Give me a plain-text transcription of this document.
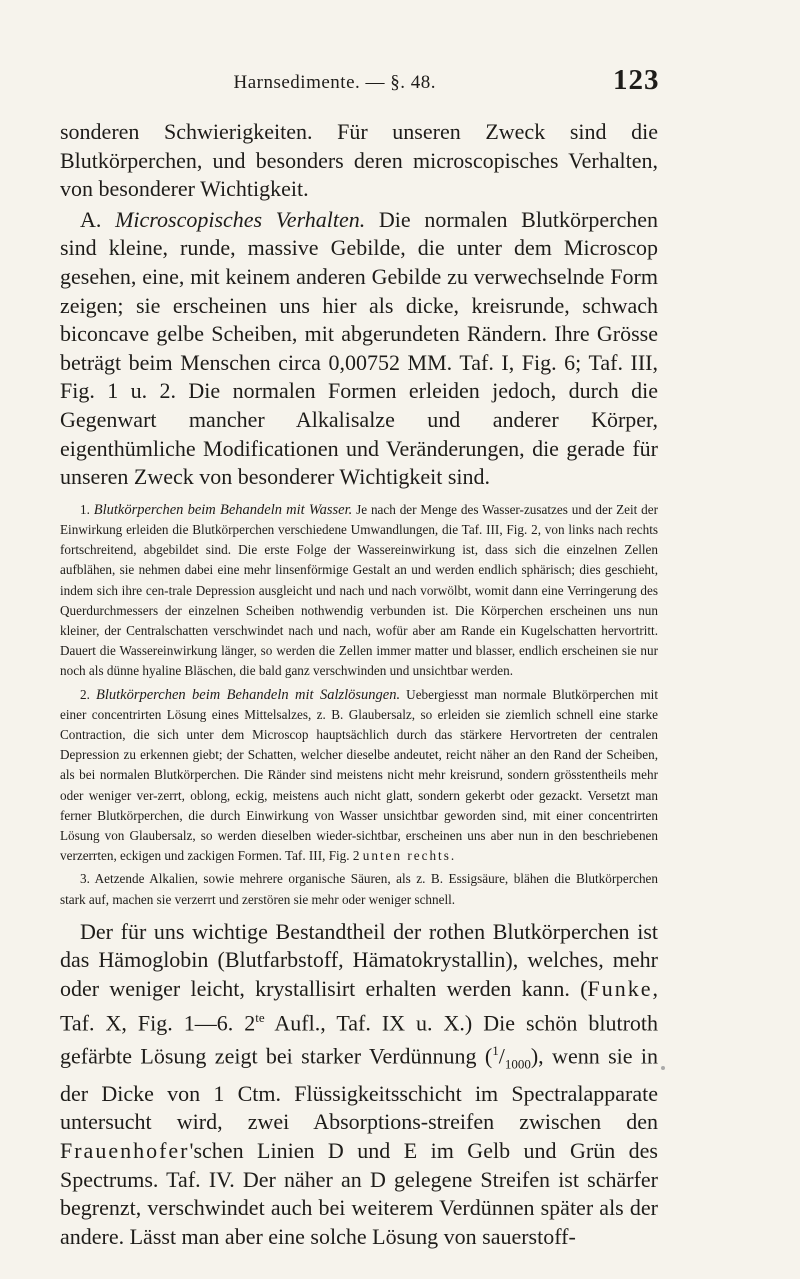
Harnsedimente. — §. 48.	123

sonderen Schwierigkeiten. Für unseren Zweck sind die Blutkörperchen, und besonders deren microscopisches Verhalten, von besonderer Wichtigkeit.

A. Microscopisches Verhalten. Die normalen Blutkörperchen sind kleine, runde, massive Gebilde, die unter dem Microscop gesehen, eine, mit keinem anderen Gebilde zu verwechselnde Form zeigen; sie erscheinen uns hier als dicke, kreisrunde, schwach biconcave gelbe Scheiben, mit abgerundeten Rändern. Ihre Grösse beträgt beim Menschen circa 0,00752 MM. Taf. I, Fig. 6; Taf. III, Fig. 1 u. 2. Die normalen Formen erleiden jedoch, durch die Gegenwart mancher Alkalisalze und anderer Körper, eigenthümliche Modificationen und Veränderungen, die gerade für unseren Zweck von besonderer Wichtigkeit sind.

1. Blutkörperchen beim Behandeln mit Wasser. Je nach der Menge des Wasser-zusatzes und der Zeit der Einwirkung erleiden die Blutkörperchen verschiedene Umwandlungen, die Taf. III, Fig. 2, von links nach rechts fortschreitend, abgebildet sind. Die erste Folge der Wassereinwirkung ist, dass sich die einzelnen Zellen aufblähen, sie nehmen dabei eine mehr linsenförmige Gestalt an und werden endlich sphärisch; dies geschieht, indem sich ihre cen-trale Depression ausgleicht und nach und nach vorwölbt, womit dann eine Verringerung des Querdurchmessers der einzelnen Scheiben nothwendig verbunden ist. Die Körperchen erscheinen uns nun kleiner, der Centralschatten verschwindet nach und nach, wofür aber am Rande ein Kugelschatten hervortritt. Dauert die Wassereinwirkung länger, so werden die Zellen immer matter und blasser, endlich erscheinen sie nur noch als dünne hyaline Bläschen, die bald ganz verschwinden und unsichtbar werden.

2. Blutkörperchen beim Behandeln mit Salzlösungen. Uebergiesst man normale Blutkörperchen mit einer concentrirten Lösung eines Mittelsalzes, z. B. Glaubersalz, so erleiden sie ziemlich schnell eine starke Contraction, die sich unter dem Microscop hauptsächlich durch das stärkere Hervortreten der centralen Depression zu erkennen giebt; der Schatten, welcher dieselbe andeutet, reicht näher an den Rand der Scheiben, als bei normalen Blutkörperchen. Die Ränder sind meistens nicht mehr kreisrund, sondern grösstentheils mehr oder weniger ver-zerrt, oblong, eckig, meistens auch nicht glatt, sondern gekerbt oder gezackt. Versetzt man ferner Blutkörperchen, die durch Einwirkung von Wasser unsichtbar geworden sind, mit einer concentrirten Lösung von Glaubersalz, so werden dieselben wieder-sichtbar, erscheinen uns aber nun in den beschriebenen verzerrten, eckigen und zackigen Formen. Taf. III, Fig. 2 unten rechts.

3. Aetzende Alkalien, sowie mehrere organische Säuren, als z. B. Essigsäure, blähen die Blutkörperchen stark auf, machen sie verzerrt und zerstören sie mehr oder weniger schnell.

Der für uns wichtige Bestandtheil der rothen Blutkörperchen ist das Hämoglobin (Blutfarbstoff, Hämatokrystallin), welches, mehr oder weniger leicht, krystallisirt erhalten werden kann. (Funke, Taf. X, Fig. 1—6. $2^{te}$ Aufl., Taf. IX u. X.) Die schön blutroth gefärbte Lösung zeigt bei starker Verdünnung $(^1/_{1000})$, wenn sie in der Dicke von 1 Ctm. Flüssigkeitsschicht im Spectralapparate untersucht wird, zwei Absorptions-streifen zwischen den Frauenhofer'schen Linien D und E im Gelb und Grün des Spectrums. Taf. IV. Der näher an D gelegene Streifen ist schärfer begrenzt, verschwindet auch bei weiterem Verdünnen später als der andere. Lässt man aber eine solche Lösung von sauerstoff-
